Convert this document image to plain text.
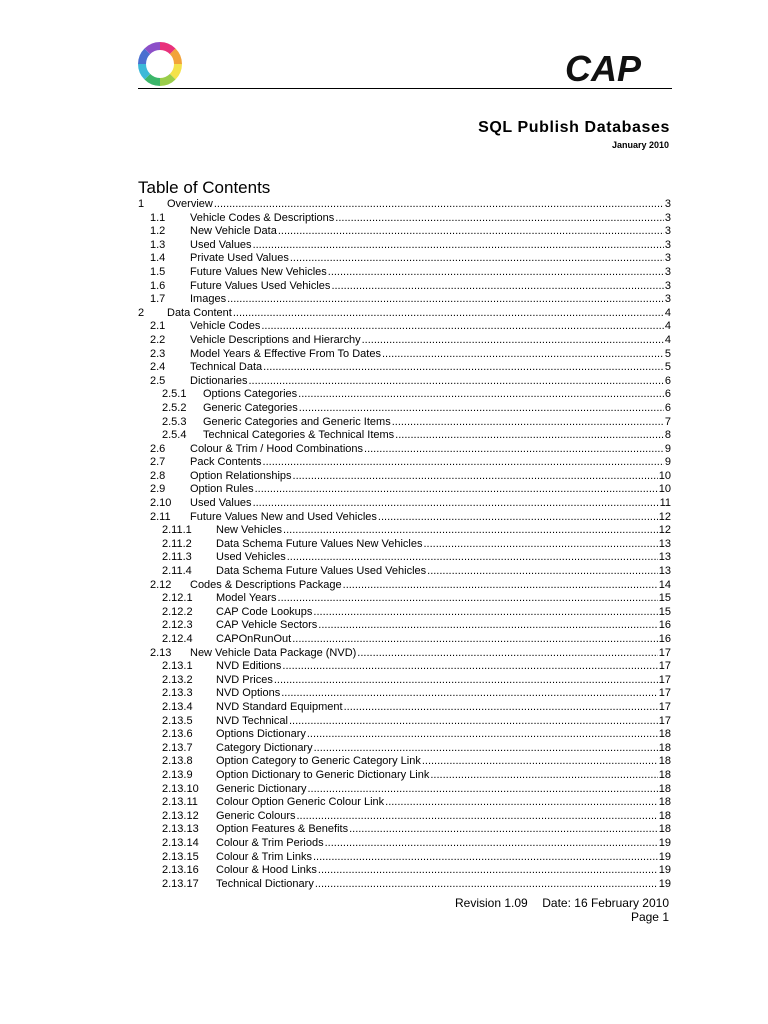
CAP
SQL Publish Databases
January 2010
Table of Contents
1 Overview .....	3
1.1 Vehicle Codes & Descriptions .....	3
1.2 New Vehicle Data .....	3
1.3 Used Values .....	3
1.4 Private Used Values .....	3
1.5 Future Values New Vehicles .....	3
1.6 Future Values Used Vehicles .....	3
1.7 Images .....	3
2 Data Content .....	4
2.1 Vehicle Codes .....	4
2.2 Vehicle Descriptions and Hierarchy .....	4
2.3 Model Years & Effective From To Dates .....	5
2.4 Technical Data .....	5
2.5 Dictionaries .....	6
2.5.1 Options Categories .....	6
2.5.2 Generic Categories .....	6
2.5.3 Generic Categories and Generic Items .....	7
2.5.4 Technical Categories & Technical Items .....	8
2.6 Colour & Trim / Hood Combinations .....	9
2.7 Pack Contents .....	9
2.8 Option Relationships .....	10
2.9 Option Rules .....	10
2.10 Used Values .....	11
2.11 Future Values New and Used Vehicles .....	12
2.11.1 New Vehicles .....	12
2.11.2 Data Schema Future Values New Vehicles .....	13
2.11.3 Used Vehicles .....	13
2.11.4 Data Schema Future Values Used Vehicles .....	13
2.12 Codes & Descriptions Package .....	14
2.12.1 Model Years .....	15
2.12.2 CAP Code Lookups .....	15
2.12.3 CAP Vehicle Sectors .....	16
2.12.4 CAPOnRunOut .....	16
2.13 New Vehicle Data Package (NVD) .....	17
2.13.1 NVD Editions .....	17
2.13.2 NVD Prices .....	17
2.13.3 NVD Options .....	17
2.13.4 NVD Standard Equipment .....	17
2.13.5 NVD Technical .....	17
2.13.6 Options Dictionary .....	18
2.13.7 Category Dictionary .....	18
2.13.8 Option Category to Generic Category Link .....	18
2.13.9 Option Dictionary to Generic Dictionary Link .....	18
2.13.10 Generic Dictionary .....	18
2.13.11 Colour Option Generic Colour Link .....	18
2.13.12 Generic Colours .....	18
2.13.13 Option Features & Benefits .....	18
2.13.14 Colour & Trim Periods .....	19
2.13.15 Colour & Trim Links .....	19
2.13.16 Colour & Hood Links .....	19
2.13.17 Technical Dictionary .....	19
Revision 1.09 Date: 16 February 2010
Page 1
